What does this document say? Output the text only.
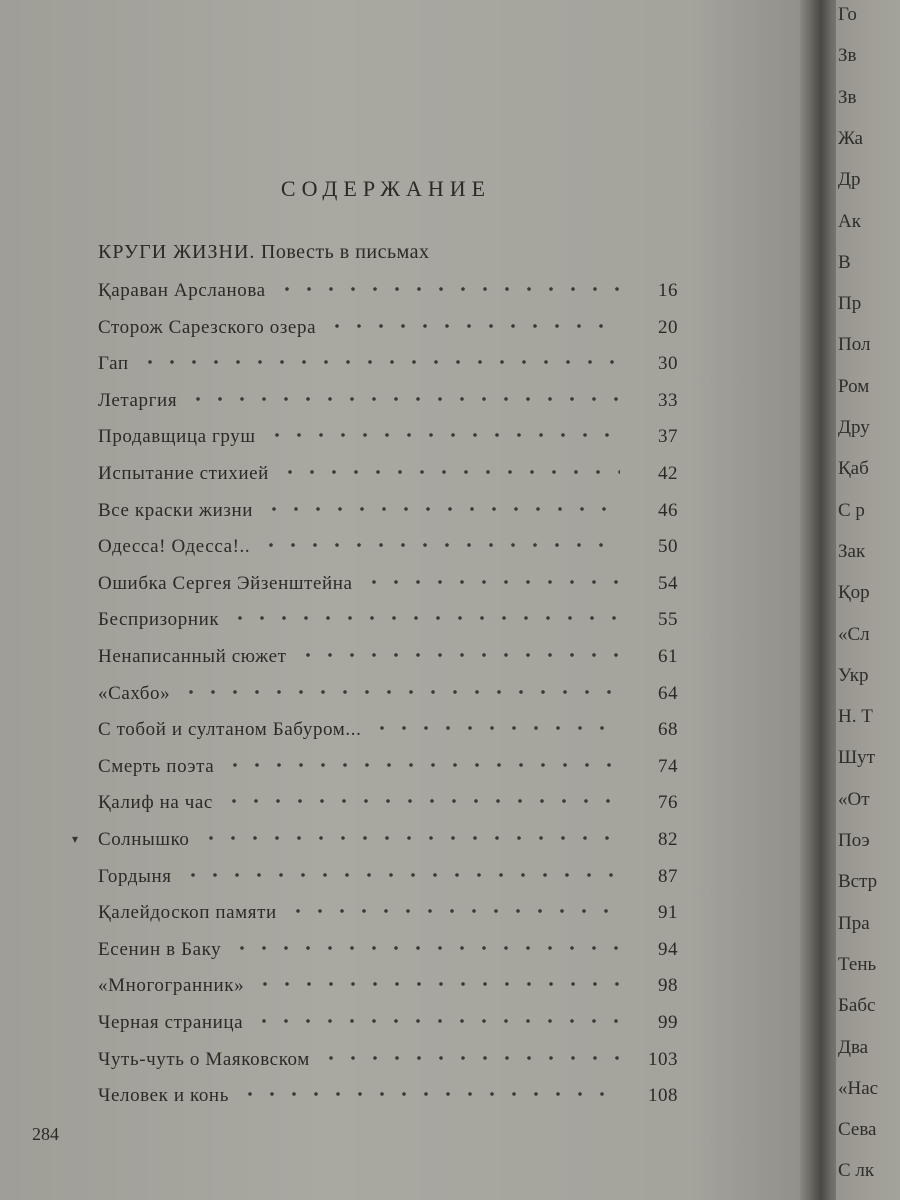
СОДЕРЖАНИЕ
КРУГИ ЖИЗНИ. Повесть в письмах
Қараван Арсланова	16
Сторож Сарезского озера	20
Гап	30
Летаргия	33
Продавщица груш	37
Испытание стихией	42
Все краски жизни	46
Одесса! Одесса!..	50
Ошибка Сергея Эйзенштейна	54
Беспризорник	55
Ненаписанный сюжет	61
«Сахбо»	64
С тобой и султаном Бабуром...	68
Смерть поэта	74
Қалиф на час	76
Солнышко	82
Гордыня	87
Қалейдоскоп памяти	91
Есенин в Баку	94
«Многогранник»	98
Черная страница	99
Чуть-чуть о Маяковском	103
Человек и конь	108
▾
284
Го
Зв
Зв
Жа
Др
Ак
В
Пр
Пол
Ром
Дру
Қаб
С р
Зак
Қор
«Сл
Укр
Н. Т
Шут
«От
Поэ
Встр
Пра
Тень
Бабс
Два
«Нас
Сева
С лк
